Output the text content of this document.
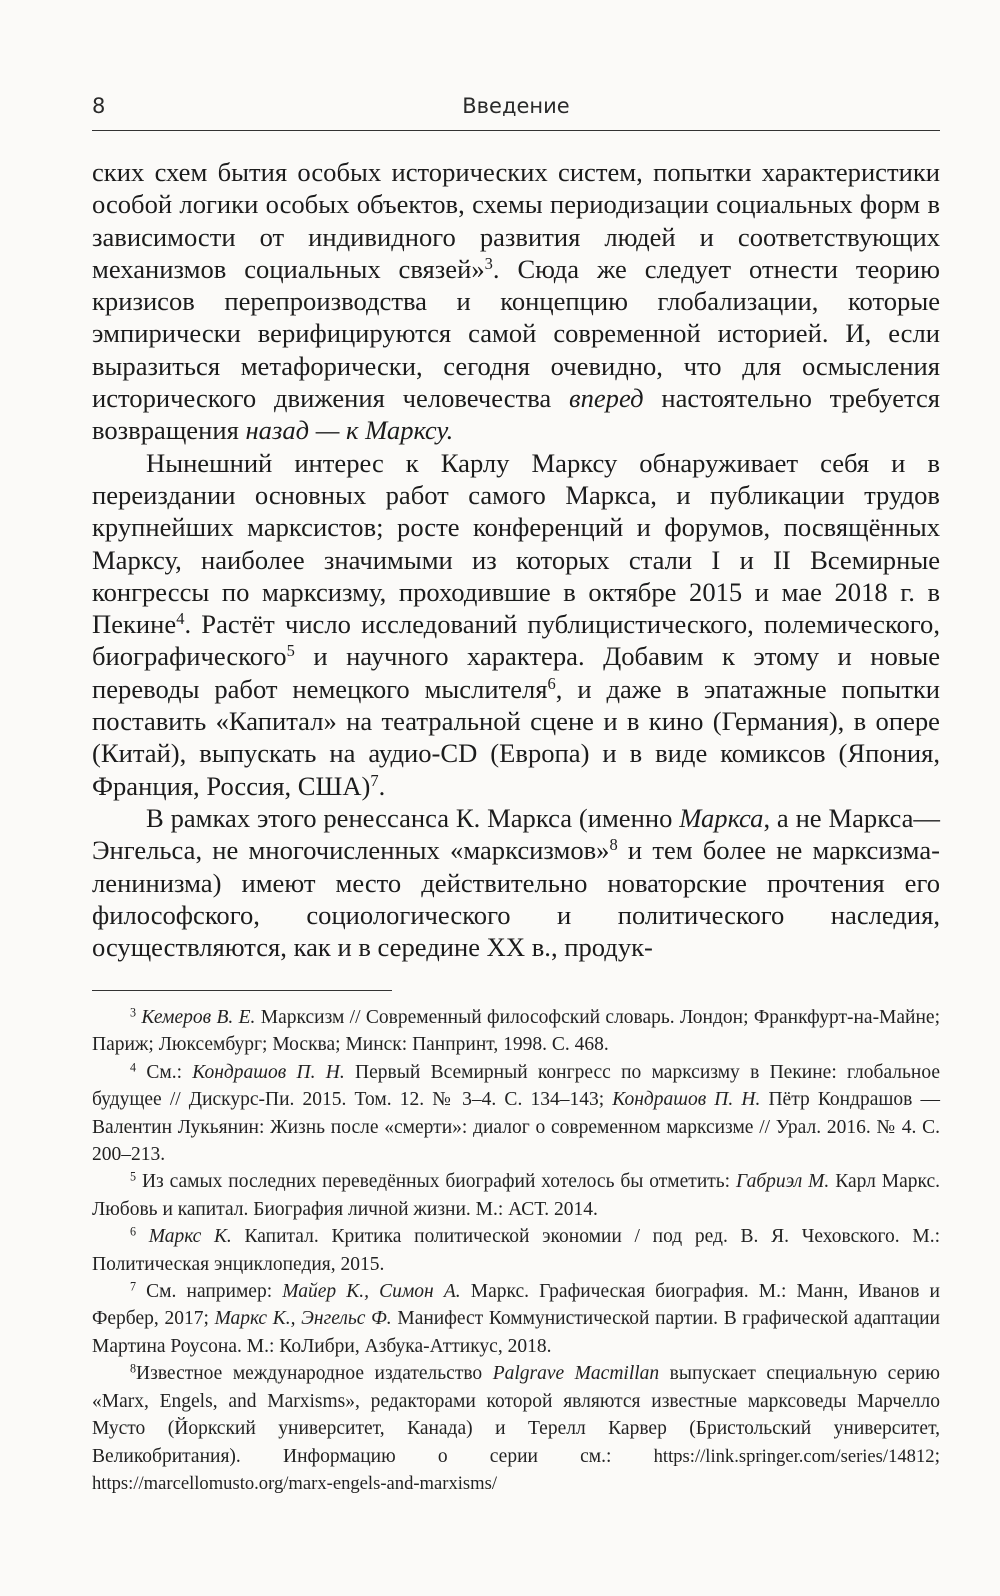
8	Введение

ских схем бытия особых исторических систем, попытки характеристики особой логики особых объектов, схемы периодизации социальных форм в зависимости от индивидного развития людей и соответствующих механизмов социальных связей»$^3$. Сюда же следует отнести теорию кризисов перепроизводства и концепцию глобализации, которые эмпирически верифицируются самой современной историей. И, если выразиться метафорически, сегодня очевидно, что для осмысления исторического движения человечества вперед настоятельно требуется возвращения назад — к Марксу.

Нынешний интерес к Карлу Марксу обнаруживает себя и в переиздании основных работ самого Маркса, и публикации трудов крупнейших марксистов; росте конференций и форумов, посвящённых Марксу, наиболее значимыми из которых стали I и II Всемирные конгрессы по марксизму, проходившие в октябре 2015 и мае 2018 г. в Пекине$^4$. Растёт число исследований публицистического, полемического, биографического$^5$ и научного характера. Добавим к этому и новые переводы работ немецкого мыслителя$^6$, и даже в эпатажные попытки поставить «Капитал» на театральной сцене и в кино (Германия), в опере (Китай), выпускать на аудио-CD (Европа) и в виде комиксов (Япония, Франция, Россия, США)$^7$.

В рамках этого ренессанса К. Маркса (именно Маркса, а не Маркса—Энгельса, не многочисленных «марксизмов»$^8$ и тем более не марксизма-ленинизма) имеют место действительно новаторские прочтения его философского, социологического и политического наследия, осуществляются, как и в середине XX в., продук-

$^3$ Кемеров В. Е. Марксизм // Современный философский словарь. Лондон; Франкфурт-на-Майне; Париж; Люксембург; Москва; Минск: Панпринт, 1998. С. 468.

$^4$ См.: Кондрашов П. Н. Первый Всемирный конгресс по марксизму в Пекине: глобальное будущее // Дискурс-Пи. 2015. Том. 12. № 3–4. С. 134–143; Кондрашов П. Н. Пётр Кондрашов — Валентин Лукьянин: Жизнь после «смерти»: диалог о современном марксизме // Урал. 2016. № 4. С. 200–213.

$^5$ Из самых последних переведённых биографий хотелось бы отметить: Габриэл М. Карл Маркс. Любовь и капитал. Биография личной жизни. М.: АСТ. 2014.

$^6$ Маркс К. Капитал. Критика политической экономии / под ред. В. Я. Чеховского. М.: Политическая энциклопедия, 2015.

$^7$ См. например: Майер К., Симон А. Маркс. Графическая биография. М.: Манн, Иванов и Фербер, 2017; Маркс К., Энгельс Ф. Манифест Коммунистической партии. В графической адаптации Мартина Роусона. М.: КоЛибри, Азбука-Аттикус, 2018.

$^8$Известное международное издательство Palgrave Macmillan выпускает специальную серию «Marx, Engels, and Marxisms», редакторами которой являются известные марксоведы Марчелло Мусто (Йоркский университет, Канада) и Терелл Карвер (Бристольский университет, Великобритания). Информацию о серии см.: https://link.springer.com/series/14812; https://marcellomusto.org/marx-engels-and-marxisms/
